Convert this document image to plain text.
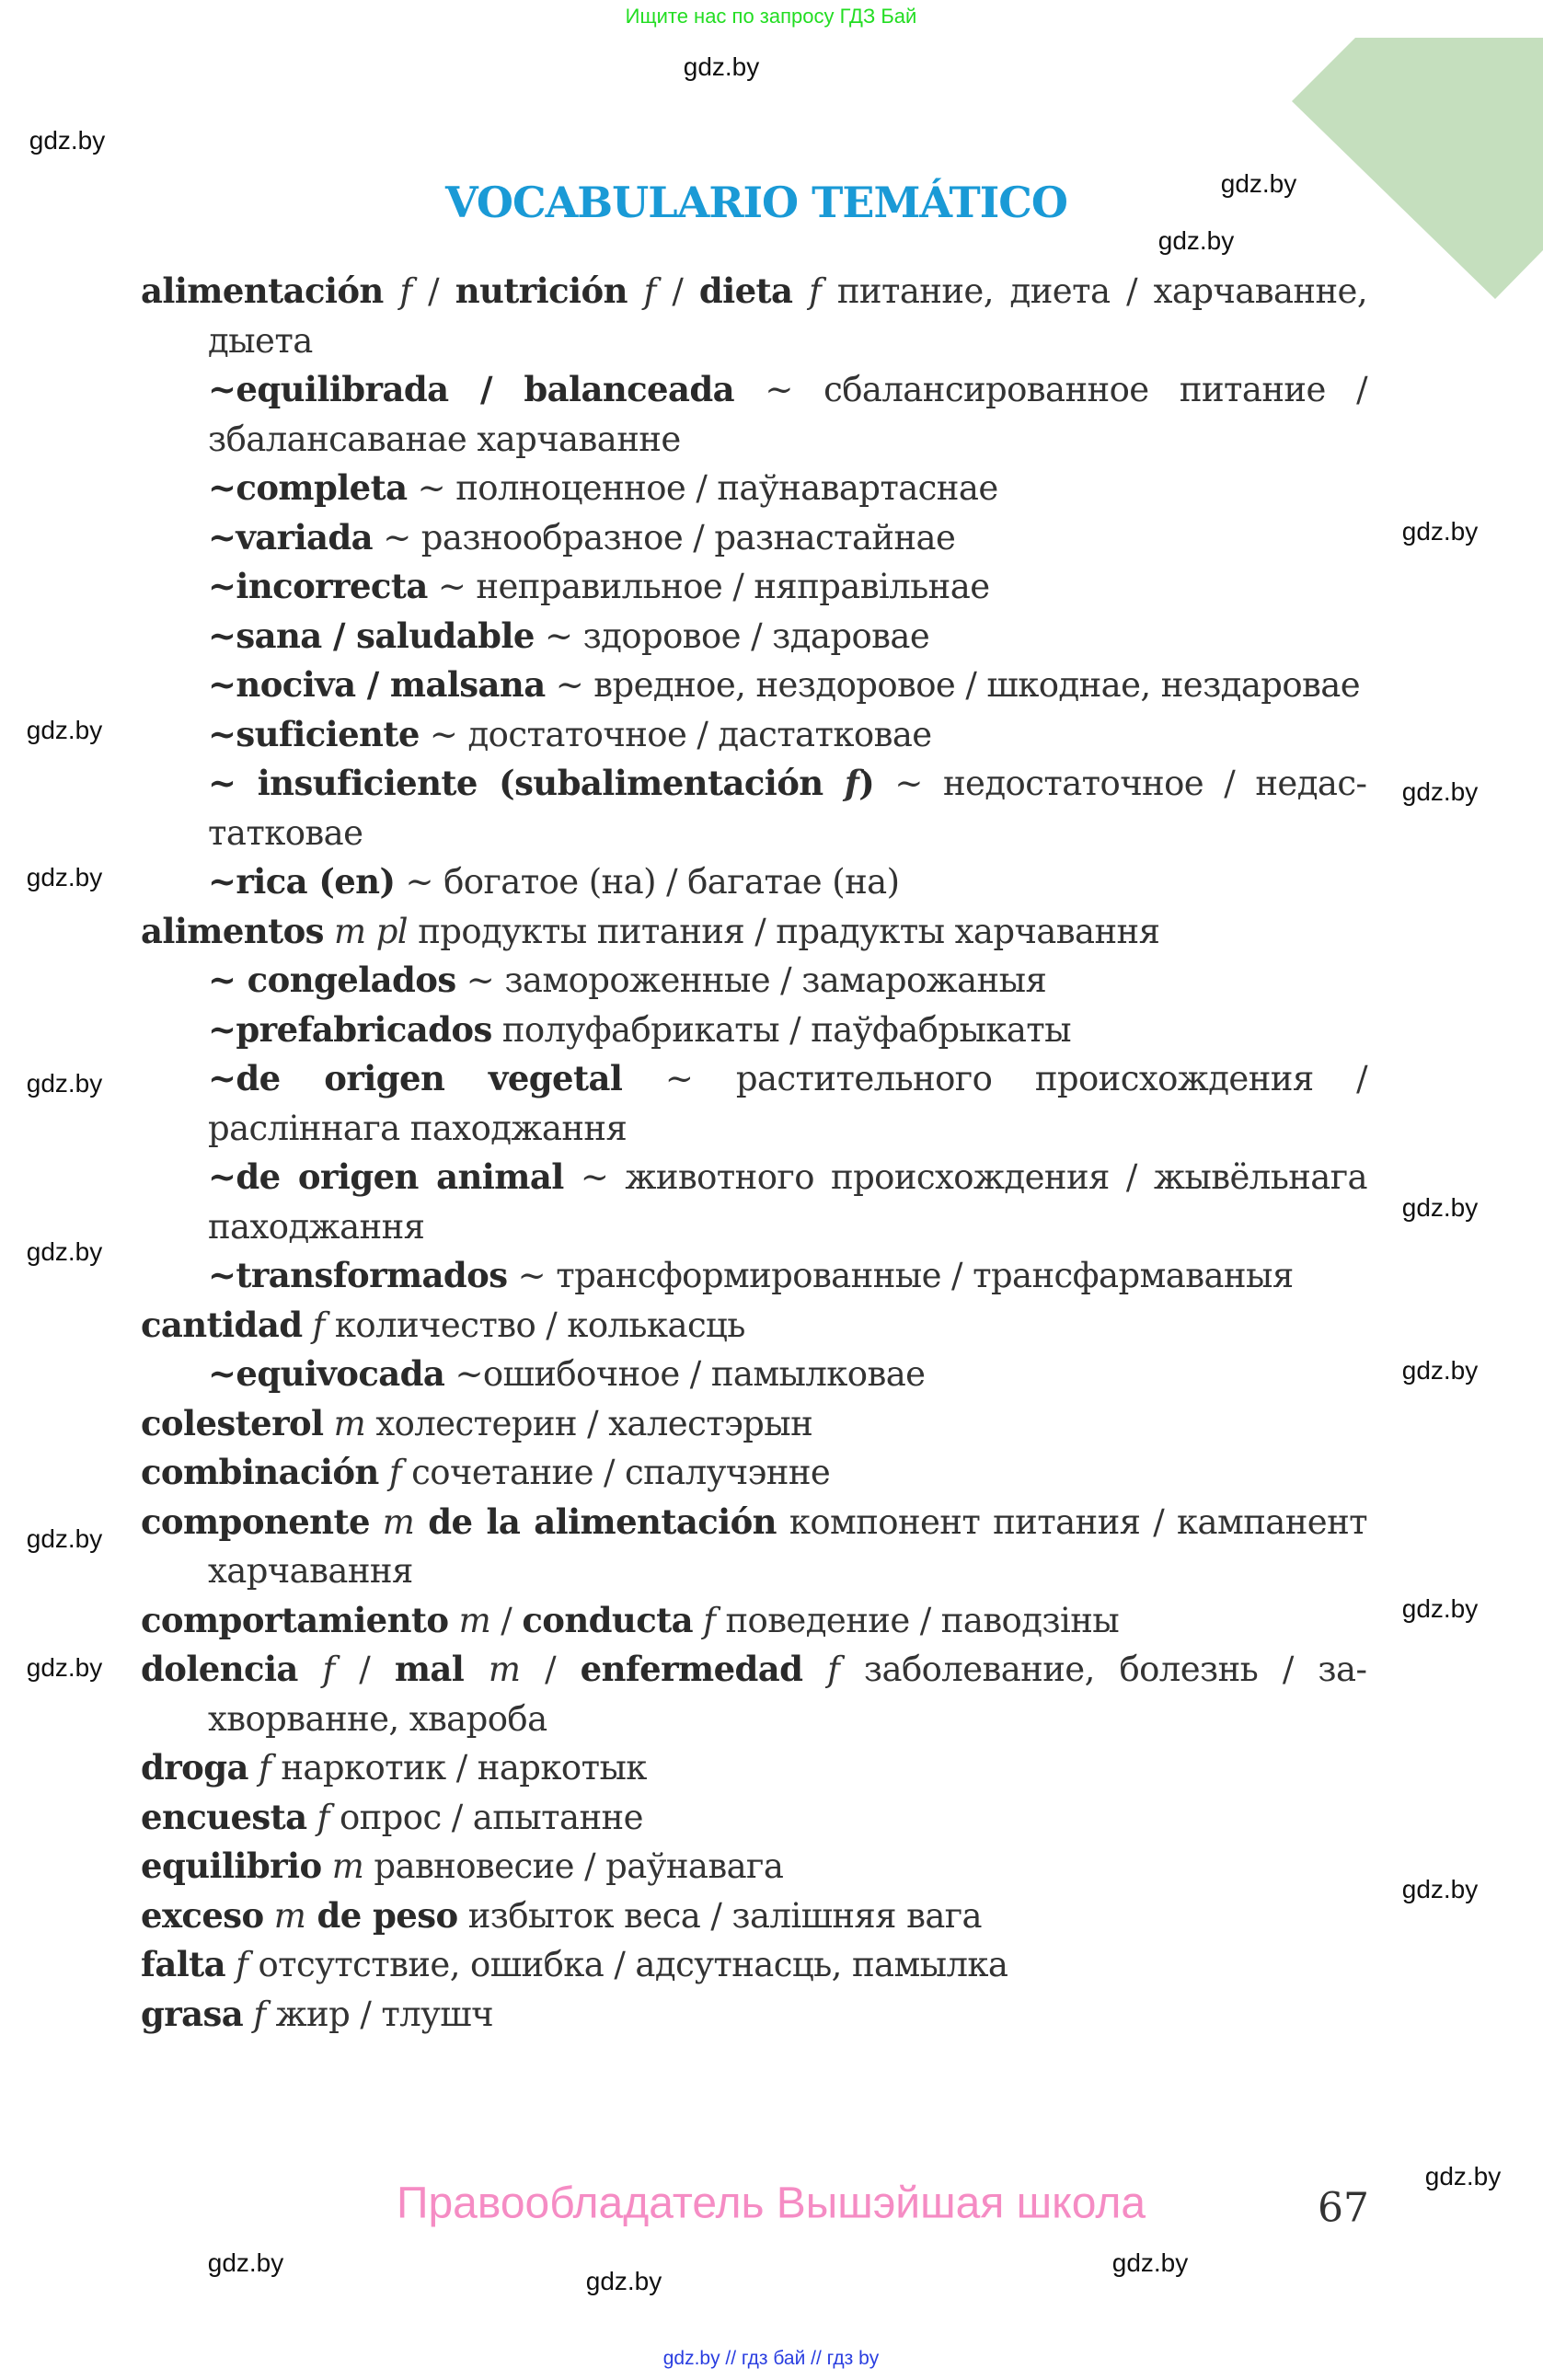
Ищите нас по запросу ГДЗ Бай
VOCABULARIO TEMÁTICO
alimentación f / nutrición f / dieta f питание, диета / харчаванне, дыета
~equilibrada / balanceada ~ сбалансированное питание / збалансаванае харчаванне
~completa ~ полноценное / паўнавартаснае
~variada ~ разнообразное / разнастайнае
~incorrecta ~ неправильное / няправільнае
~sana / saludable ~ здоровое / здаровае
~nociva / malsana ~ вредное, нездоровое / шкоднае, нездаровае
~suficiente ~ достаточное / дастатковае
~ insuficiente (subalimentación f) ~ недостаточное / недастатковае
~rica (en) ~ богатое (на) / багатае (на)
alimentos m pl продукты питания / прадукты харчавання
~ congelados ~ замороженные / замарожаныя
~prefabricados полуфабрикаты / паўфабрыкаты
~de origen vegetal ~ растительного происхождения / раслiннага паходжання
~de origen animal ~ животного происхождения / жывёльнага паходжання
~transformados ~ трансформированные / трансфармаваныя
cantidad f количество / колькасць
~equivocada ~ошибочное / памылковае
colesterol m холестерин / халестэрын
combinación f сочетание / спалучэнне
componente m de la alimentación компонент питания / кампанент харчавання
comportamiento m / conducta f поведение / паводзіны
dolencia f / mal m / enfermedad f заболевание, болезнь / захворванне, хвароба
droga f наркотик / наркотык
encuesta f опрос / апытанне
equilibrio m равновесие / раўнавага
exceso m de peso избыток веса / залішняя вага
falta f отсутствие, ошибка / адсутнасць, памылка
grasa f жир / тлушч
Правообладатель Вышэйшая школа	67
gdz.by // гдз бай // гдз by
gdz.by
gdz.by
gdz.by
gdz.by
gdz.by
gdz.by
gdz.by
gdz.by
gdz.by
gdz.by
gdz.by
gdz.by
gdz.by
gdz.by
gdz.by
gdz.by
gdz.by
gdz.by
gdz.by
gdz.by
